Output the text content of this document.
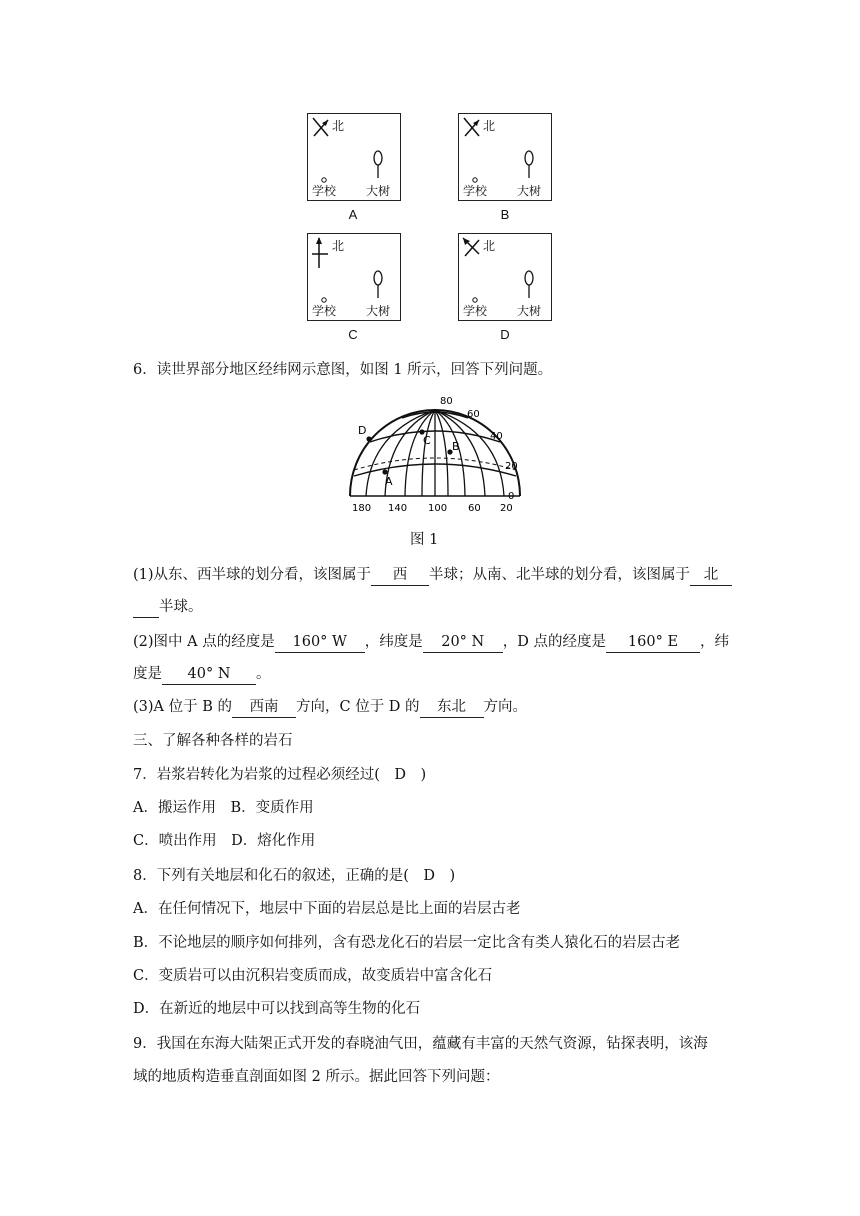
北
学校 大树
A
北
学校 大树
B
北
学校 大树
C
北
学校 大树
D
6．读世界部分地区经纬网示意图，如图 1 所示，回答下列问题。
D
C B
A
80
60
40
20
0
180 140 100 60 20
图 1
(1)从东、西半球的划分看，该图属于 西 半球；从南、北半球的划分看，该图属于 北
半球。
(2)图中 A 点的经度是 160° W ，纬度是 20° N ，D 点的经度是 160° E ，纬
度是 40° N 。
(3)A 位于 B 的 西南 方向，C 位于 D 的 东北 方向。
三、了解各种各样的岩石
7．岩浆岩转化为岩浆的过程必须经过(　D　)
A．搬运作用　B．变质作用
C．喷出作用　D．熔化作用
8．下列有关地层和化石的叙述，正确的是(　D　)
A．在任何情况下，地层中下面的岩层总是比上面的岩层古老
B．不论地层的顺序如何排列，含有恐龙化石的岩层一定比含有类人猿化石的岩层古老
C．变质岩可以由沉积岩变质而成，故变质岩中富含化石
D．在新近的地层中可以找到高等生物的化石
9．我国在东海大陆架正式开发的春晓油气田，蕴藏有丰富的天然气资源，钻探表明，该海
域的地质构造垂直剖面如图 2 所示。据此回答下列问题：
